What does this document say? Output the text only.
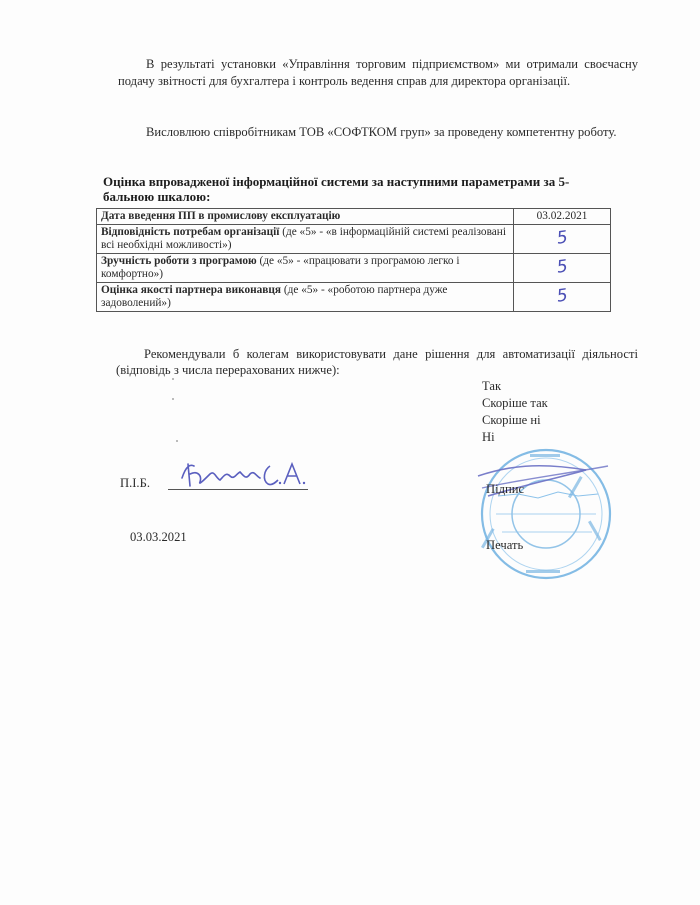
В результаті установки «Управління торговим підприємством» ми отримали своєчасну подачу звітності для бухгалтера і контроль ведення справ для директора організації.
Висловлюю співробітникам ТОВ «СОФТКОМ груп» за проведену компетентну роботу.
Оцінка впровадженої інформаційної системи за наступними параметрами за 5-бальною шкалою:
Дата введення ПП в промислову експлуатацію	03.02.2021
Відповідність потребам організації (де «5» - «в інформаційній системі реалізовані всі необхідні можливості»)	5
Зручність роботи з програмою (де «5» - «працювати з програмою легко і комфортно»)	5
Оцінка якості партнера виконавця (де «5» - «роботою партнера дуже задоволений»)	5
Рекомендували б колегам використовувати дане рішення для автоматизації діяльності (відповідь з числа перерахованих нижче):
Так
Скоріше так
Скоріше ні
Ні
П.І.Б.
03.03.2021
Підпис
Печать
